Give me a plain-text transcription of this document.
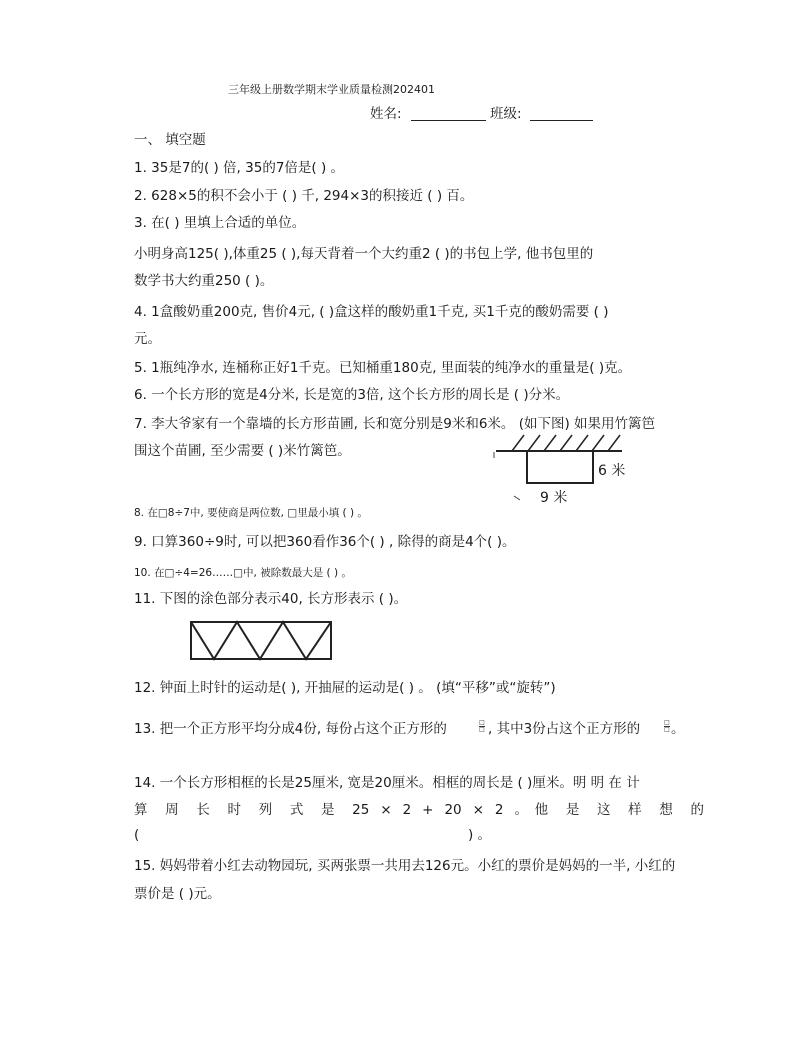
三年级上册数学期末学业质量检测202401
姓名:	班级:
一、 填空题
1. 35是7的( ) 倍, 35的7倍是( ) 。
2. 628×5的积不会小于 ( ) 千, 294×3的积接近 ( ) 百。
3. 在( ) 里填上合适的单位。
小明身高125( ),体重25 ( ),每天背着一个大约重2 ( )的书包上学, 他书包里的
数学书大约重250 ( )。
4. 1盒酸奶重200克, 售价4元, ( )盒这样的酸奶重1千克, 买1千克的酸奶需要 ( )
元。
5. 1瓶纯净水, 连桶称正好1千克。已知桶重180克, 里面装的纯净水的重量是( )克。
6. 一个长方形的宽是4分米, 长是宽的3倍, 这个长方形的周长是 ( )分米。
7. 李大爷家有一个靠墙的长方形苗圃, 长和宽分别是9米和6米。 (如下图) 如果用竹篱笆
围这个苗圃, 至少需要 ( )米竹篱笆。
6 米
9 米
8. 在□8÷7中, 要使商是两位数, □里最小填 ( ) 。
9. 口算360÷9时, 可以把360看作36个( ) , 除得的商是4个( )。
10. 在□÷4=26……□中, 被除数最大是 ( ) 。
11. 下图的涂色部分表示40, 长方形表示 ( )。
12. 钟面上时针的运动是( ), 开抽屉的运动是( ) 。 (填“平移”或“旋转”)
13. 把一个正方形平均分成4份, 每份占这个正方形的	□
□ , 其中3份占这个正方形的	□
□ 。
14. 一个长方形相框的长是25厘米, 宽是20厘米。相框的周长是 ( )厘米。明 明 在 计
算 周 长 时 列 式 是 25 × 2 + 20 × 2 。他 是 这 样 想 的
(	) 。
15. 妈妈带着小红去动物园玩, 买两张票一共用去126元。小红的票价是妈妈的一半, 小红的
票价是 ( )元。
